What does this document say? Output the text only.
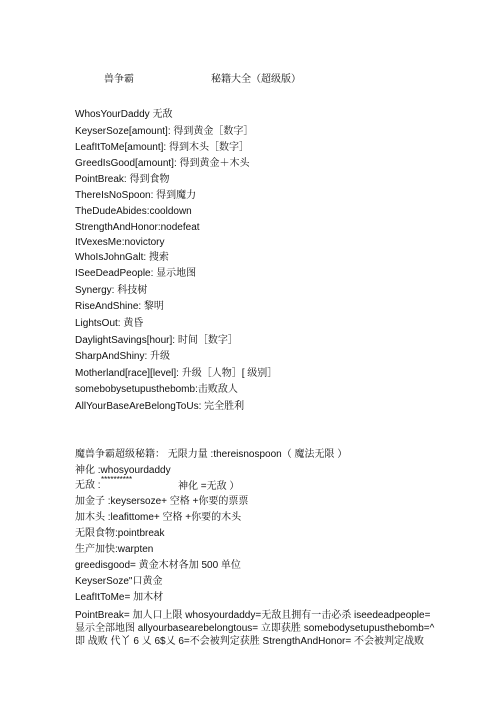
兽争霸	秘籍大全（超级版）
WhosYourDaddy 无敌
KeyserSoze[amount]: 得到黄金［数字］
LeafItToMe[amount]: 得到木头［数字］
GreedIsGood[amount]: 得到黄金＋木头
PointBreak: 得到食物
ThereIsNoSpoon: 得到魔力
TheDudeAbides:cooldown
StrengthAndHonor:nodefeat
ItVexesMe:novictory
WhoIsJohnGalt: 搜索
ISeeDeadPeople: 显示地图
Synergy: 科技树
RiseAndShine: 黎明
LightsOut: 黄昏
DaylightSavings[hour]: 时间［数字］
SharpAndShiny: 升级
Motherland[race][level]: 升级［人物］[ 级别］
somebobysetupusthebomb:击败敌人
AllYourBaseAreBelongToUs: 完全胜利
魔兽争霸超级秘籍： 无限力量 :thereisnospoon（ 魔法无限 ）
神化 :whosyourdaddy
无敌 :
**********
神化 =无敌 ）
加金子 :keysersoze+ 空格 +你要的票票
加木头 :leafittome+ 空格 +你要的木头
无限食物:pointbreak
生产加快:warpten
greedisgood= 黄金木材各加 500 单位
KeyserSoze"口黄金
LeafItToMe= 加木材
PointBreak= 加人口上限 whosyourdaddy=无敌且拥有一击必杀 iseedeadpeople=
显示全部地图 allyourbasearebelongtous= 立即获胜 somebodysetupusthebomb=^
即 战败 代丫 6 乂 6$乂 6=不会被判定获胜 StrengthAndHonor= 不会被判定战败
